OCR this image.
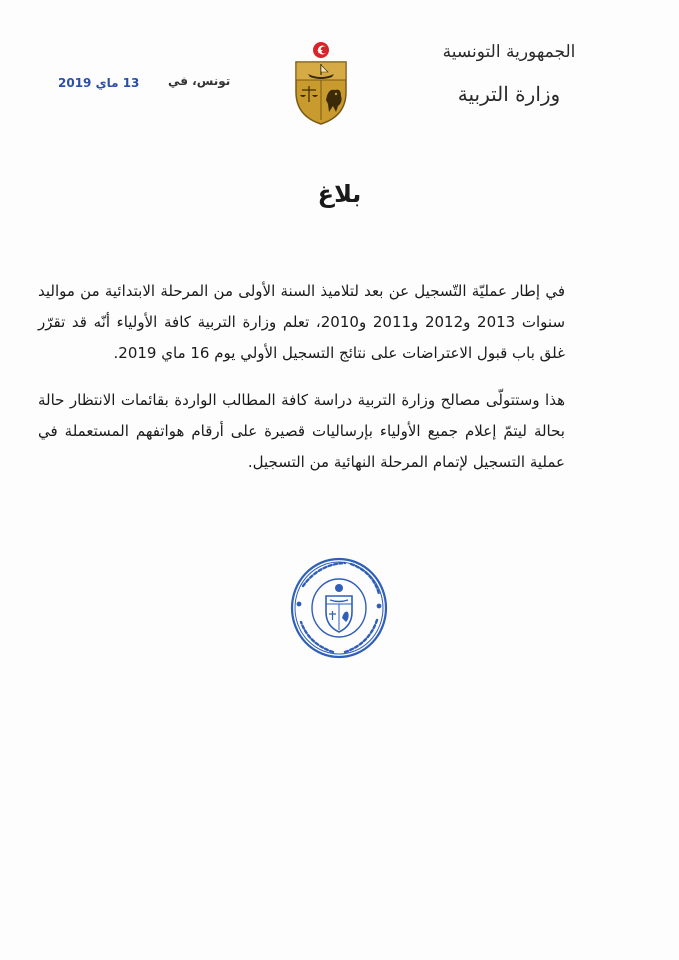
الجمهورية التونسية
وزارة التربية
تونس، في
13 ماي 2019
بلاغ
في إطار عمليّة التّسجيل عن بعد لتلاميذ السنة الأولى من المرحلة الابتدائية من مواليد سنوات 2013 و2012 و2011 و2010، تعلم وزارة التربية كافة الأولياء أنّه قد تقرّر غلق باب قبول الاعتراضات على نتائج التسجيل الأولي يوم 16 ماي 2019.
هذا وستتولّى مصالح وزارة التربية دراسة كافة المطالب الواردة بقائمات الانتظار حالة بحالة ليتمّ إعلام جميع الأولياء بإرساليات قصيرة على أرقام هواتفهم المستعملة في عملية التسجيل لإتمام المرحلة النهائية من التسجيل.
